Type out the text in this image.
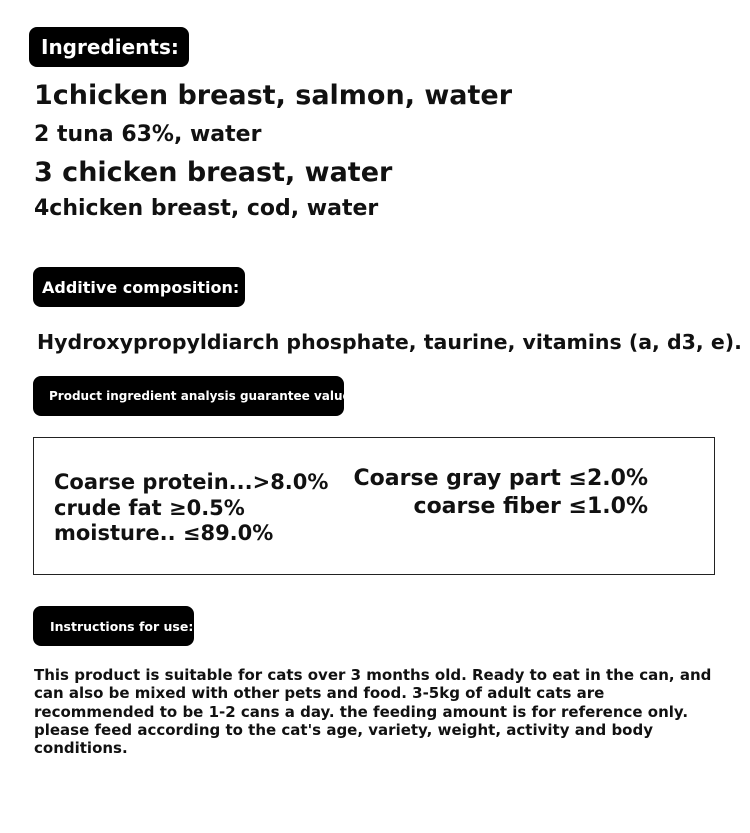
Ingredients:
1chicken breast, salmon, water
2 tuna 63%, water
3 chicken breast, water
4chicken breast, cod, water
Additive composition:
Hydroxypropyldiarch phosphate, taurine, vitamins (a, d3, e).
Product ingredient analysis guarantee value:
Coarse protein...>8.0%
crude fat ≥0.5%
moisture.. ≤89.0%
Coarse gray part ≤2.0%
coarse fiber ≤1.0%
Instructions for use:
This product is suitable for cats over 3 months old. Ready to eat in the can, and can also be mixed with other pets and food. 3-5kg of adult cats are recommended to be 1-2 cans a day. the feeding amount is for reference only. please feed according to the cat's age, variety, weight, activity and body conditions.
